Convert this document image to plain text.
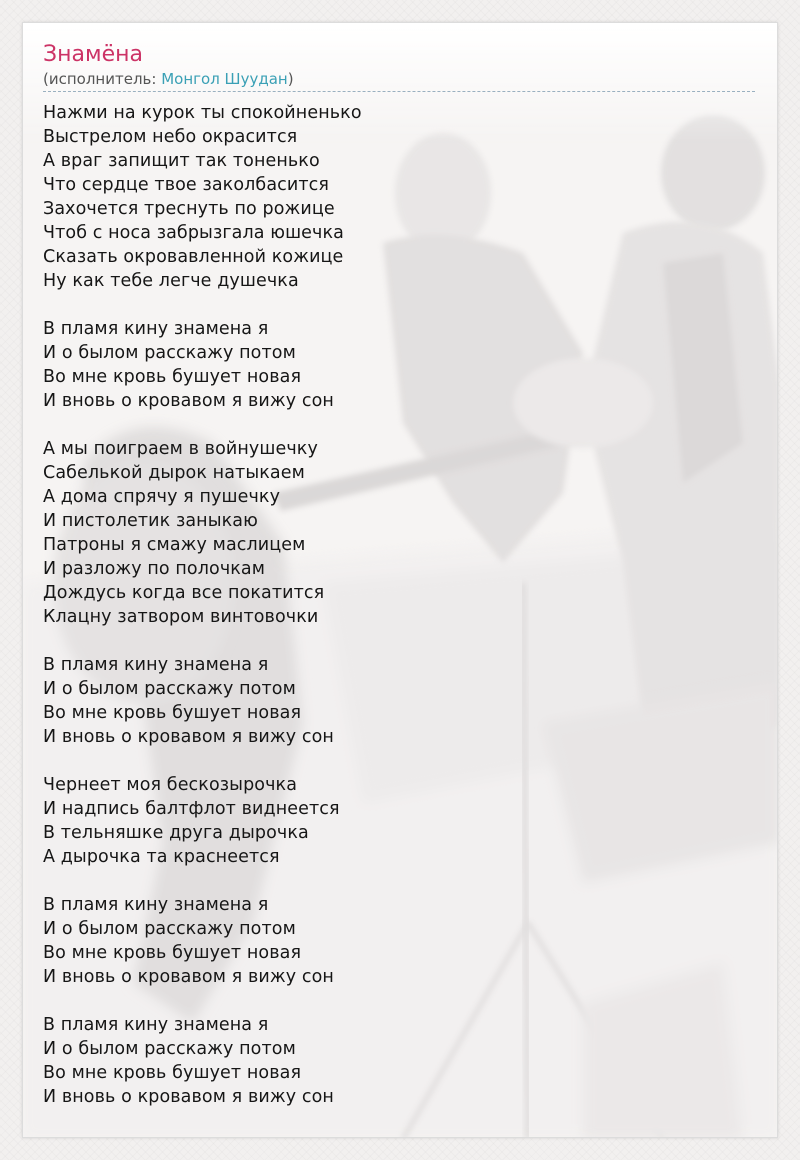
Знамёна
(исполнитель: Монгол Шуудан)
Нажми на курок ты спокойненько
Выстрелом небо окрасится
А враг запищит так тоненько
Что сердце твое заколбасится
Захочется треснуть по рожице
Чтоб с носа забрызгала юшечка
Сказать окровавленной кожице
Ну как тебе легче душечка
В пламя кину знамена я
И о былом расскажу потом
Во мне кровь бушует новая
И вновь о кровавом я вижу сон
А мы поиграем в войнушечку
Сабелькой дырок натыкаем
А дома спрячу я пушечку
И пистолетик заныкаю
Патроны я смажу маслицем
И разложу по полочкам
Дождусь когда все покатится
Клацну затвором винтовочки
В пламя кину знамена я
И о былом расскажу потом
Во мне кровь бушует новая
И вновь о кровавом я вижу сон
Чернеет моя бескозырочка
И надпись балтфлот виднеется
В тельняшке друга дырочка
А дырочка та краснеется
В пламя кину знамена я
И о былом расскажу потом
Во мне кровь бушует новая
И вновь о кровавом я вижу сон
В пламя кину знамена я
И о былом расскажу потом
Во мне кровь бушует новая
И вновь о кровавом я вижу сон
